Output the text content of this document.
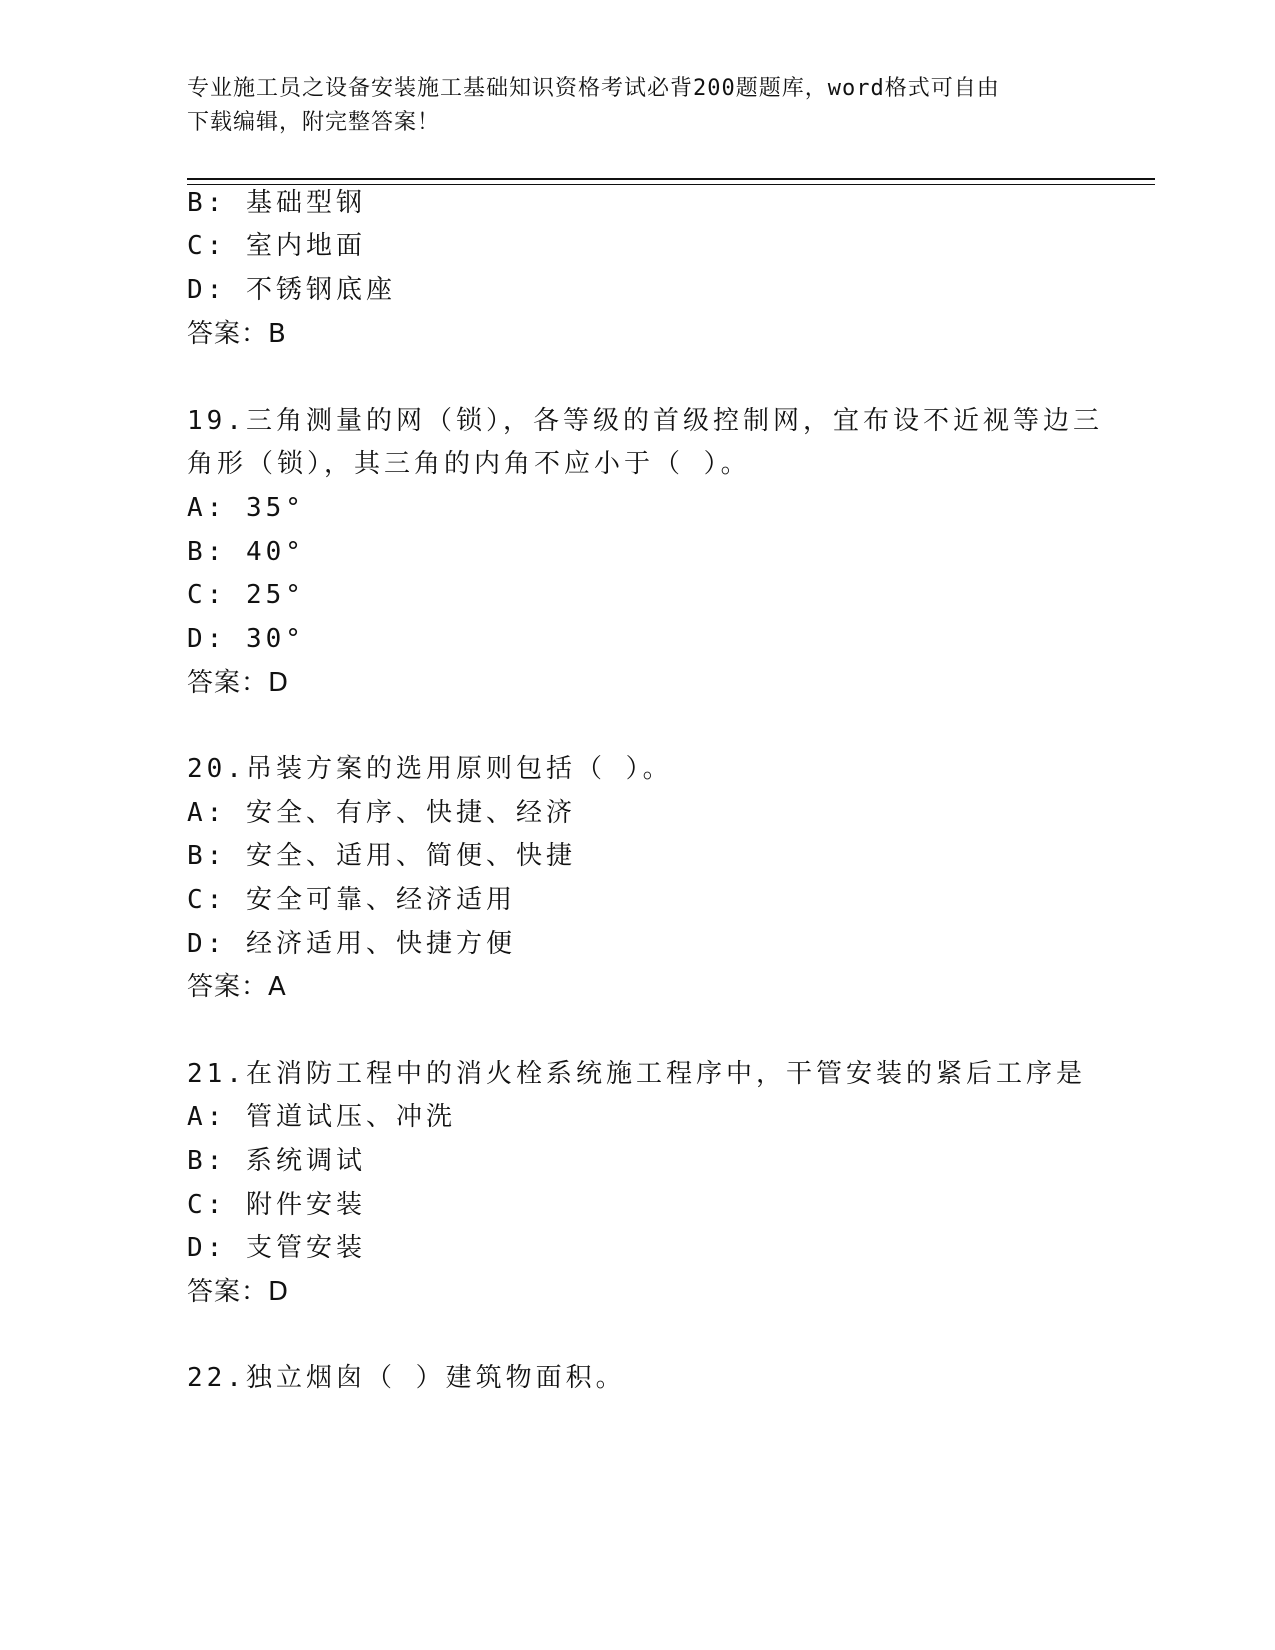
专业施工员之设备安装施工基础知识资格考试必背200题题库，word格式可自由
下载编辑，附完整答案！
B: 基础型钢
C: 室内地面
D: 不锈钢底座
答案：B
19.三角测量的网（锁），各等级的首级控制网，宜布设不近视等边三
角形（锁），其三角的内角不应小于（ ）。
A: 35°
B: 40°
C: 25°
D: 30°
答案：D
20.吊装方案的选用原则包括（ ）。
A: 安全、有序、快捷、经济
B: 安全、适用、简便、快捷
C: 安全可靠、经济适用
D: 经济适用、快捷方便
答案：A
21.在消防工程中的消火栓系统施工程序中，干管安装的紧后工序是
A: 管道试压、冲洗
B: 系统调试
C: 附件安装
D: 支管安装
答案：D
22.独立烟囱（ ）建筑物面积。
